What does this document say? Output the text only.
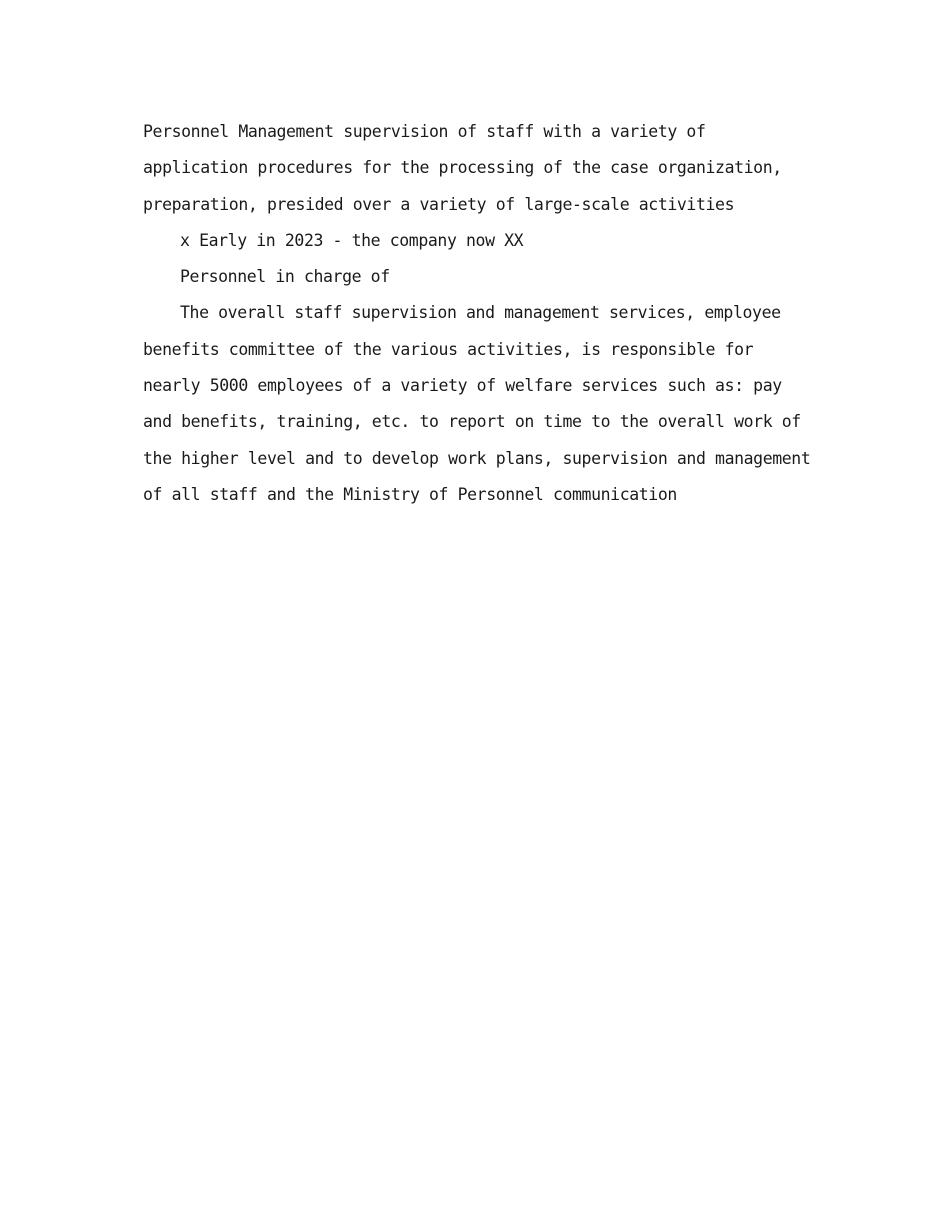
Personnel Management supervision of staff with a variety of application procedures for the processing of the case organization, preparation, presided over a variety of large-scale activities

x Early in 2023 - the company now XX

Personnel in charge of

The overall staff supervision and management services, employee benefits committee of the various activities, is responsible for nearly 5000 employees of a variety of welfare services such as: pay and benefits, training, etc. to report on time to the overall work of the higher level and to develop work plans, supervision and management of all staff and the Ministry of Personnel communication
